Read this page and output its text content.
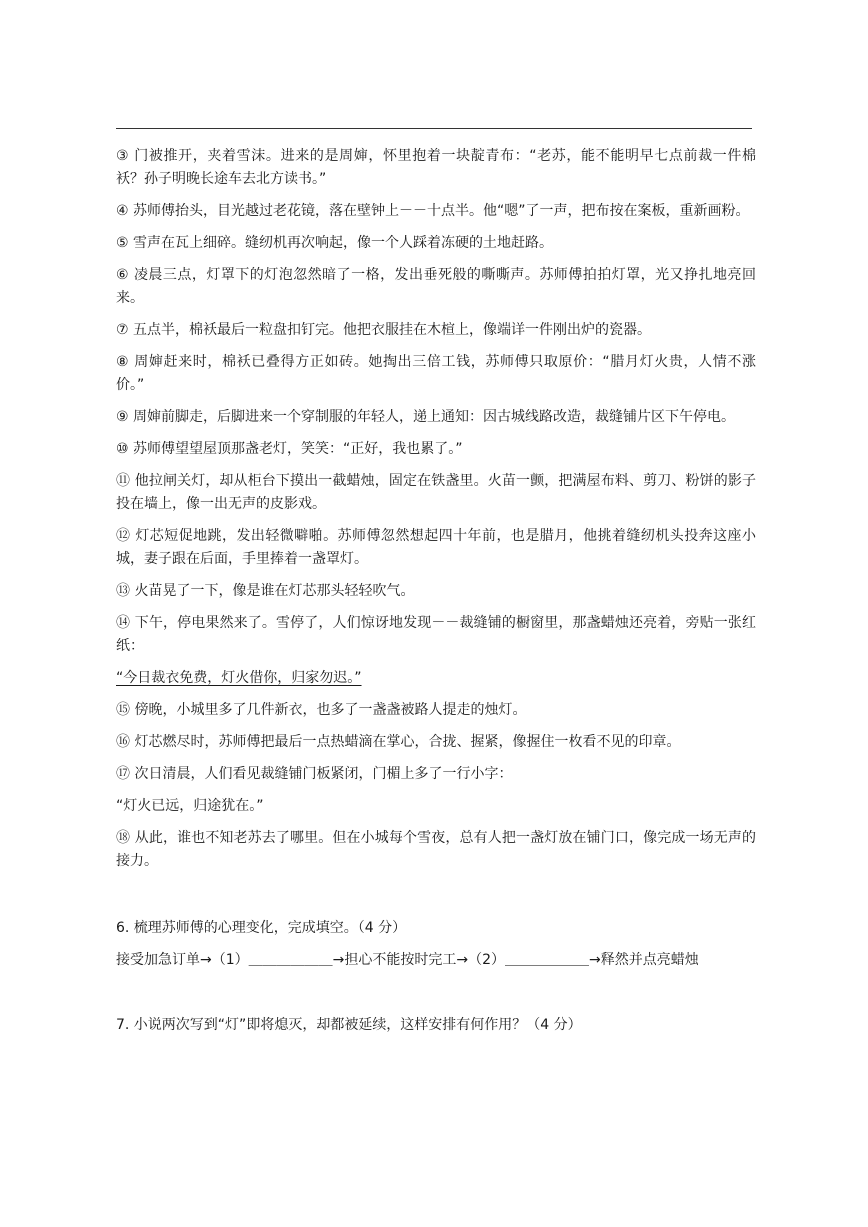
③ 门被推开，夹着雪沫。进来的是周婶，怀里抱着一块靛青布：“老苏，能不能明早七点前裁一件棉袄？孙子明晚长途车去北方读书。”

④ 苏师傅抬头，目光越过老花镜，落在壁钟上－－十点半。他“嗯”了一声，把布按在案板，重新画粉。

⑤ 雪声在瓦上细碎。缝纫机再次响起，像一个人踩着冻硬的土地赶路。

⑥ 凌晨三点，灯罩下的灯泡忽然暗了一格，发出垂死般的嘶嘶声。苏师傅拍拍灯罩，光又挣扎地亮回来。

⑦ 五点半，棉袄最后一粒盘扣钉完。他把衣服挂在木楦上，像端详一件刚出炉的瓷器。

⑧ 周婶赶来时，棉袄已叠得方正如砖。她掏出三倍工钱，苏师傅只取原价：“腊月灯火贵，人情不涨价。”

⑨ 周婶前脚走，后脚进来一个穿制服的年轻人，递上通知：因古城线路改造，裁缝铺片区下午停电。

⑩ 苏师傅望望屋顶那盏老灯，笑笑：“正好，我也累了。”

⑪ 他拉闸关灯，却从柜台下摸出一截蜡烛，固定在铁盏里。火苗一颤，把满屋布料、剪刀、粉饼的影子投在墙上，像一出无声的皮影戏。

⑫ 灯芯短促地跳，发出轻微噼啪。苏师傅忽然想起四十年前，也是腊月，他挑着缝纫机头投奔这座小城，妻子跟在后面，手里捧着一盏罩灯。

⑬ 火苗晃了一下，像是谁在灯芯那头轻轻吹气。

⑭ 下午，停电果然来了。雪停了，人们惊讶地发现－－裁缝铺的橱窗里，那盏蜡烛还亮着，旁贴一张红纸：

“今日裁衣免费，灯火借你，归家勿迟。”

⑮ 傍晚，小城里多了几件新衣，也多了一盏盏被路人提走的烛灯。

⑯ 灯芯燃尽时，苏师傅把最后一点热蜡滴在掌心，合拢、握紧，像握住一枚看不见的印章。

⑰ 次日清晨，人们看见裁缝铺门板紧闭，门楣上多了一行小字：

“灯火已远，归途犹在。”

⑱ 从此，谁也不知老苏去了哪里。但在小城每个雪夜，总有人把一盏灯放在铺门口，像完成一场无声的接力。

6. 梳理苏师傅的心理变化，完成填空。（4 分）

接受加急订单→（1）＿＿＿＿＿＿→担心不能按时完工→（2）＿＿＿＿＿＿→释然并点亮蜡烛

7. 小说两次写到“灯”即将熄灭，却都被延续，这样安排有何作用？（4 分）
